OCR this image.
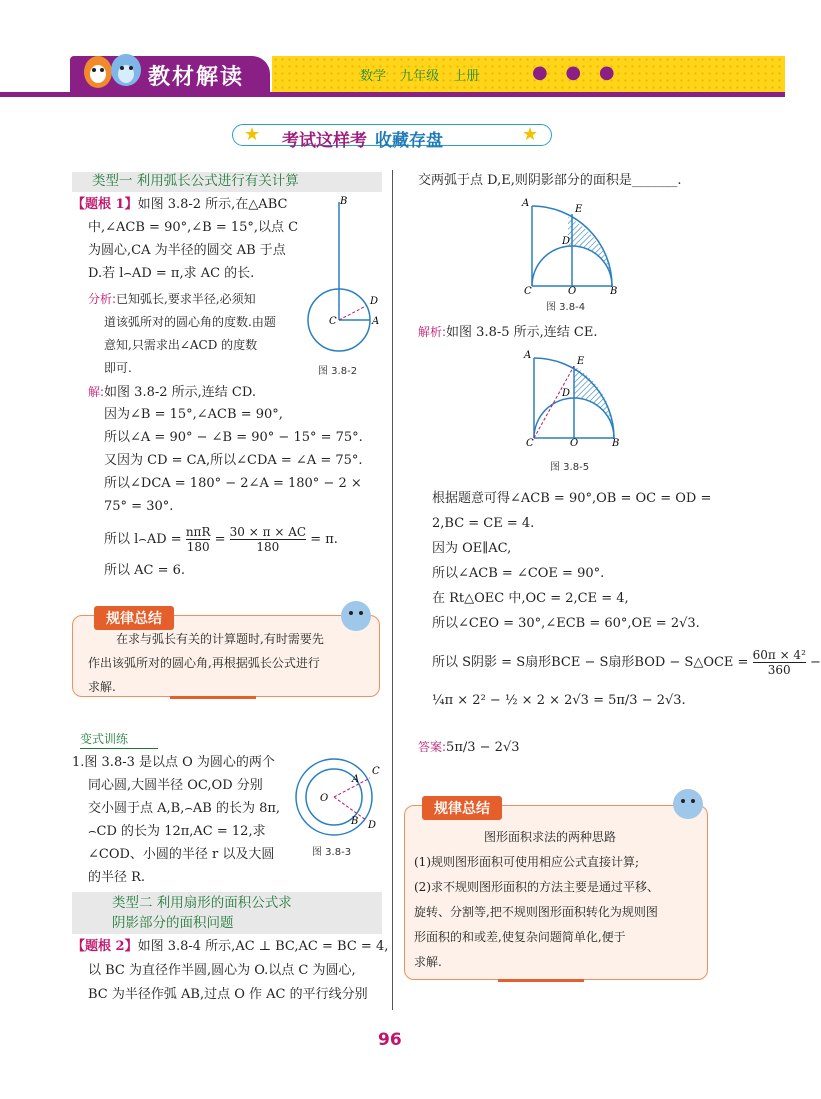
教材解读	数学 九年级 上册	● ● ●
★	★
考试这样考 收藏存盘
类型一 利用弧长公式进行有关计算
【题根 1】如图 3.8-2 所示,在△ABC
中,∠ACB = 90°,∠B = 15°,以点 C
为圆心,CA 为半径的圆交 AB 于点
D.若 l⌢AD = π,求 AC 的长.
分析:已知弧长,要求半径,必须知
道该弧所对的圆心角的度数.由题
意知,只需求出∠ACD 的度数
即可.
B
C
D
A
图 3.8-2
解:如图 3.8-2 所示,连结 CD.
因为∠B = 15°,∠ACB = 90°,
所以∠A = 90° − ∠B = 90° − 15° = 75°.
又因为 CD = CA,所以∠CDA = ∠A = 75°.
所以∠DCA = 180° − 2∠A = 180° − 2 ×
75° = 30°.
所以 l⌢AD = $\frac{\text{nπR}}{180} = \frac{30 \times \pi \times AC}{180} = \pi$.
所以 AC = 6.
规律总结
在求与弧长有关的计算题时,有时需要先
作出该弧所对的圆心角,再根据弧长公式进行
求解.
变式训练
1.图 3.8-3 是以点 O 为圆心的两个
同心圆,大圆半径 OC,OD 分别
交小圆于点 A,B,⌢AB 的长为 8π,
⌢CD 的长为 12π,AC = 12,求
∠COD、小圆的半径 r 以及大圆
的半径 R.
O
A
C
B D
图 3.8-3
类型二 利用扇形的面积公式求
阴影部分的面积问题
【题根 2】如图 3.8-4 所示,AC ⊥ BC,AC = BC = 4,
以 BC 为直径作半圆,圆心为 O.以点 C 为圆心,
BC 为半径作弧 AB,过点 O 作 AC 的平行线分别
交两弧于点 D,E,则阴影部分的面积是_______.
A
E
D
C	O	B
图 3.8-4
解析:如图 3.8-5 所示,连结 CE.
A
E
D
C	O	B
图 3.8-5
根据题意可得∠ACB = 90°,OB = OC = OD =
2,BC = CE = 4.
因为 OE∥AC,
所以∠ACB = ∠COE = 90°.
在 Rt△OEC 中,OC = 2,CE = 4,
所以∠CEO = 30°,∠ECB = 60°,OE = 2√3.
所以 S阴影 = S扇形BCE − S扇形BOD − S△OCE = $\frac{\text{60π × 4²}}{360}$ −
¼π × 2² − ½ × 2 × 2√3 = 5π/3 − 2√3.
答案:5π/3 − 2√3
规律总结
图形面积求法的两种思路
(1)规则图形面积可使用相应公式直接计算;
(2)求不规则图形面积的方法主要是通过平移、
旋转、分割等,把不规则图形面积转化为规则图
形面积的和或差,使复杂问题简单化,便于
求解.
96
